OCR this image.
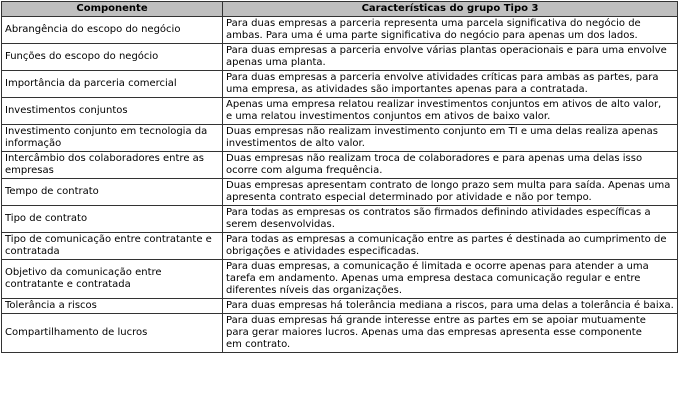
Componente	Características do grupo Tipo 3
Abrangência do escopo do negócio	Para duas empresas a parceria representa uma parcela significativa do negócio de
ambas. Para uma é uma parte significativa do negócio para apenas um dos lados.
Funções do escopo do negócio	Para duas empresas a parceria envolve várias plantas operacionais e para uma envolve
apenas uma planta.
Importância da parceria comercial	Para duas empresas a parceria envolve atividades críticas para ambas as partes, para
uma empresa, as atividades são importantes apenas para a contratada.
Investimentos conjuntos	Apenas uma empresa relatou realizar investimentos conjuntos em ativos de alto valor,
e uma relatou investimentos conjuntos em ativos de baixo valor.
Investimento conjunto em tecnologia da informação	Duas empresas não realizam investimento conjunto em TI e uma delas realiza apenas
investimentos de alto valor.
Intercâmbio dos colaboradores entre as empresas	Duas empresas não realizam troca de colaboradores e para apenas uma delas isso
ocorre com alguma frequência.
Tempo de contrato	Duas empresas apresentam contrato de longo prazo sem multa para saída. Apenas uma
apresenta contrato especial determinado por atividade e não por tempo.
Tipo de contrato	Para todas as empresas os contratos são firmados definindo atividades específicas a
serem desenvolvidas.
Tipo de comunicação entre contratante e contratada	Para todas as empresas a comunicação entre as partes é destinada ao cumprimento de
obrigações e atividades especificadas.
Objetivo da comunicação entre contratante e contratada	Para duas empresas, a comunicação é limitada e ocorre apenas para atender a uma
tarefa em andamento. Apenas uma empresa destaca comunicação regular e entre
diferentes níveis das organizações.
Tolerância a riscos	Para duas empresas há tolerância mediana a riscos, para uma delas a tolerância é baixa.
Compartilhamento de lucros	Para duas empresas há grande interesse entre as partes em se apoiar mutuamente
para gerar maiores lucros. Apenas uma das empresas apresenta esse componente
em contrato.
